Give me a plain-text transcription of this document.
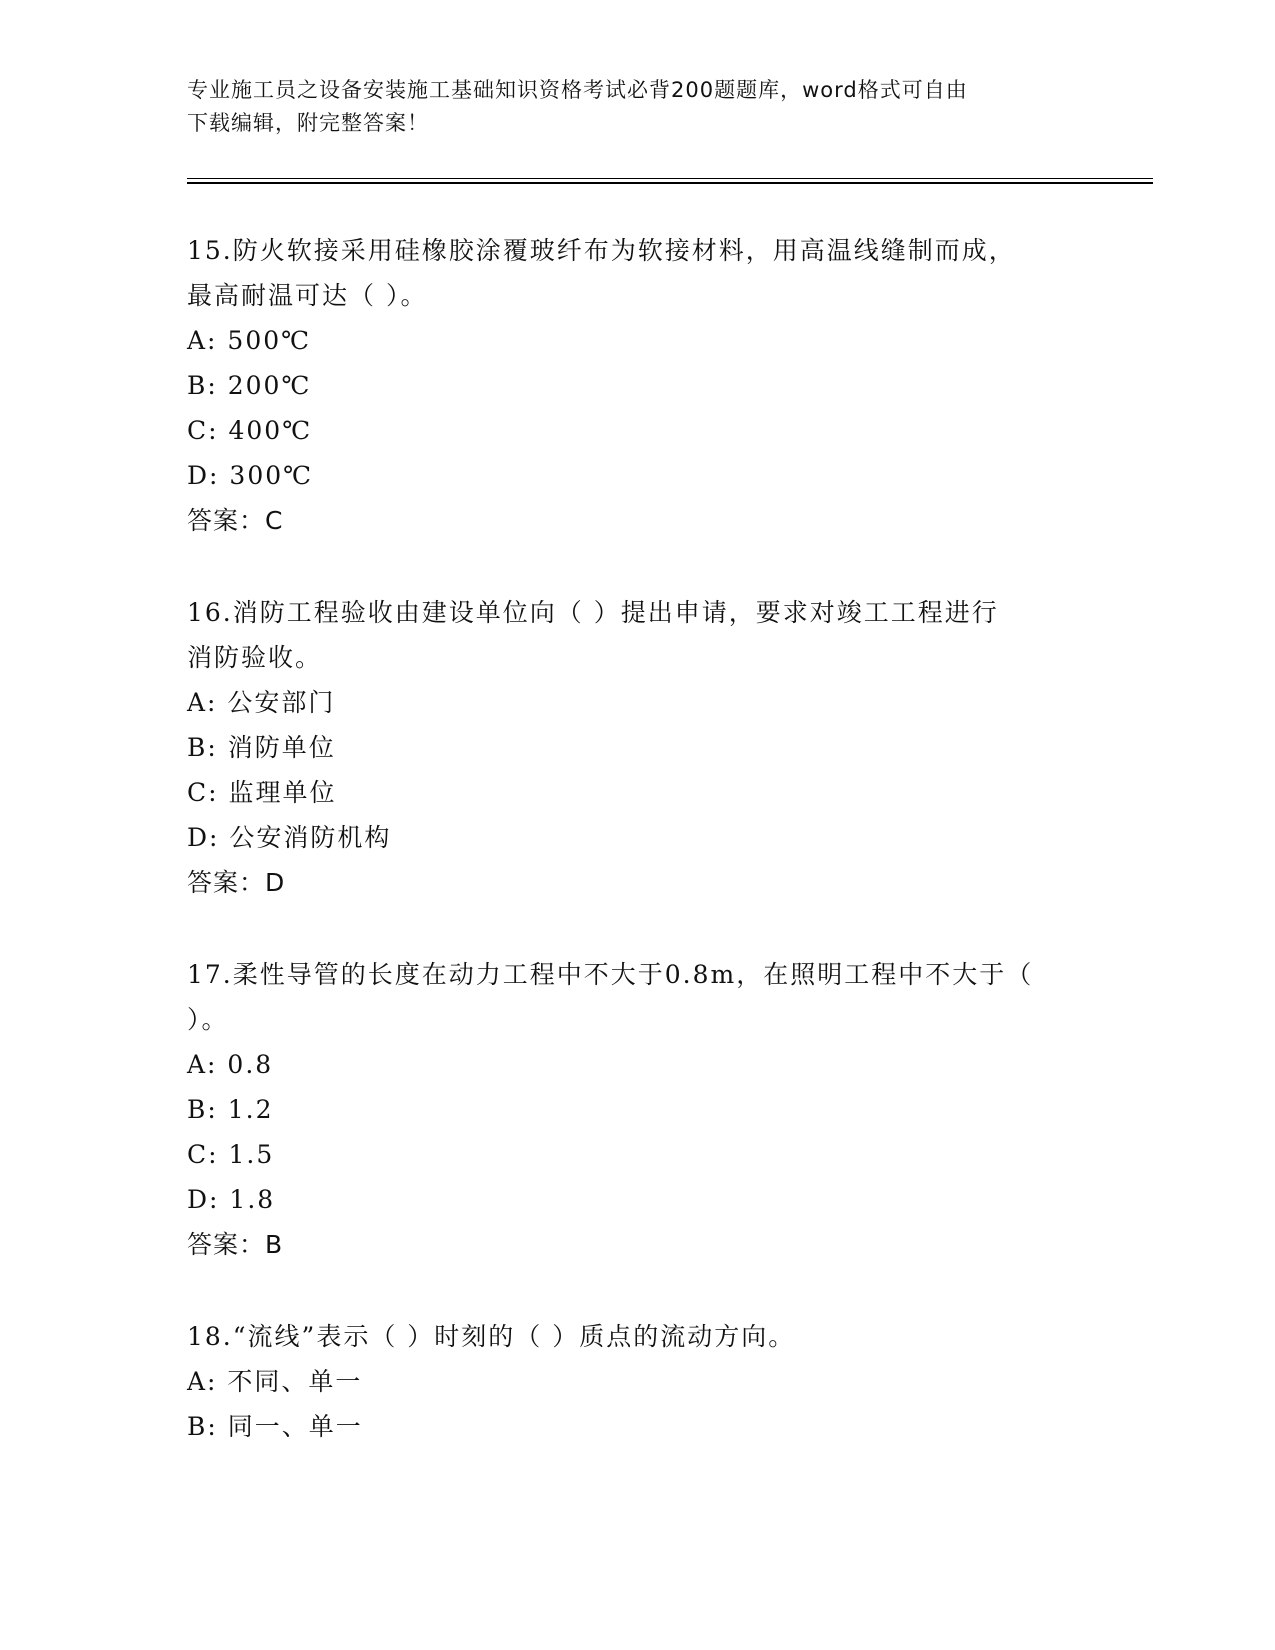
专业施工员之设备安装施工基础知识资格考试必背200题题库，word格式可自由
下载编辑，附完整答案！

15.防火软接采用硅橡胶涂覆玻纤布为软接材料，用高温线缝制而成，

最高耐温可达（ ）。

A: 500℃

B: 200℃

C: 400℃

D: 300℃

答案：C

16.消防工程验收由建设单位向（ ）提出申请，要求对竣工工程进行

消防验收。

A: 公安部门

B: 消防单位

C: 监理单位

D: 公安消防机构

答案：D

17.柔性导管的长度在动力工程中不大于0.8m，在照明工程中不大于（

）。

A: 0.8

B: 1.2

C: 1.5

D: 1.8

答案：B

18.“流线”表示（ ）时刻的（ ）质点的流动方向。

A: 不同、单一

B: 同一、单一
